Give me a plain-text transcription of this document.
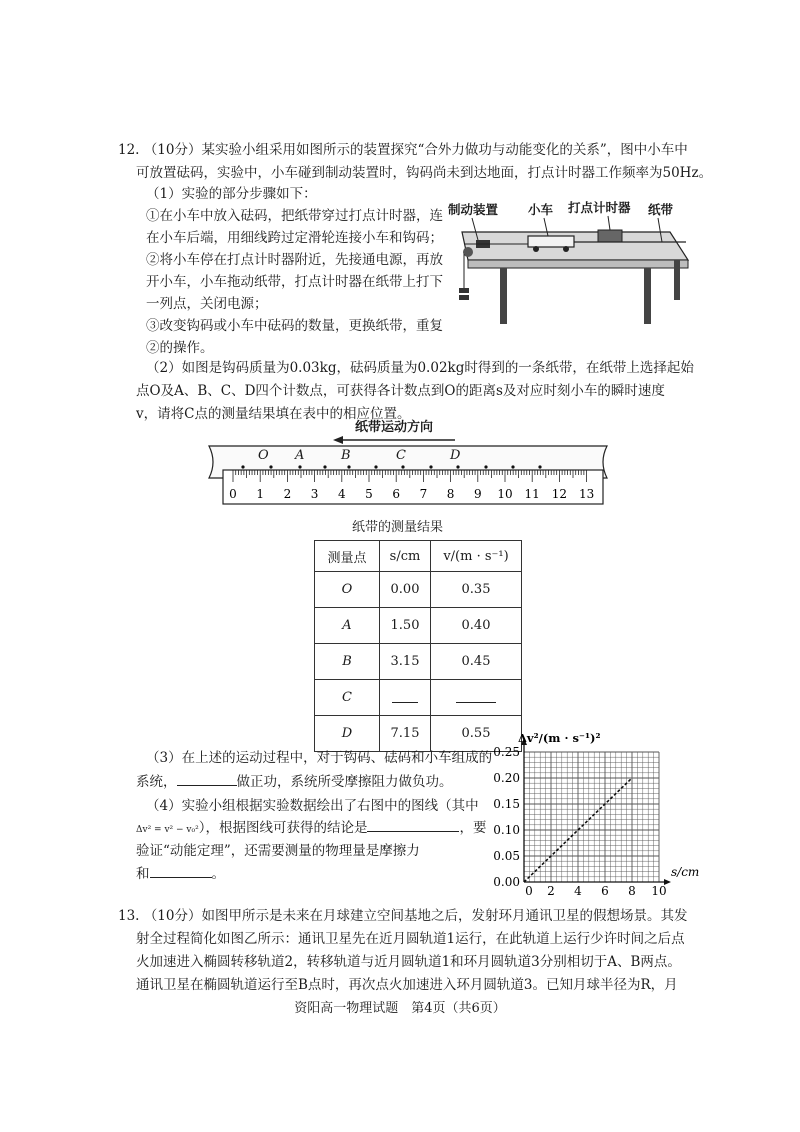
12. （10分）某实验小组采用如图所示的装置探究“合外力做功与动能变化的关系”，图中小车中
可放置砝码，实验中，小车碰到制动装置时，钩码尚未到达地面，打点计时器工作频率为50Hz。
（1）实验的部分步骤如下：
①在小车中放入砝码，把纸带穿过打点计时器，连
在小车后端，用细线跨过定滑轮连接小车和钩码；
②将小车停在打点计时器附近，先接通电源，再放
开小车，小车拖动纸带，打点计时器在纸带上打下
一列点，关闭电源；
③改变钩码或小车中砝码的数量，更换纸带，重复
②的操作。
制动装置 小车 打点计时器 纸带
（2）如图是钩码质量为0.03kg，砝码质量为0.02kg时得到的一条纸带，在纸带上选择起始
点O及A、B、C、D四个计数点，可获得各计数点到O的距离s及对应时刻小车的瞬时速度
v，请将C点的测量结果填在表中的相应位置。
纸带运动方向
0 1 2 3 4 5 6 7 8 9 10 11 12 13
O A	B	C	D
纸带的测量结果
测量点	s/cm	v/(m · s⁻¹)
O	0.00	0.35
A	1.50	0.40
B	3.15	0.45
C		
D	7.15	0.55
（3）在上述的运动过程中，对于钩码、砝码和小车组成的
系统，	做正功，系统所受摩擦阻力做负功。
（4）实验小组根据实验数据绘出了右图中的图线（其中
Δv² = v² − v₀²），根据图线可获得的结论是	，要
验证“动能定理”，还需要测量的物理量是摩擦力
和	。	0.00
0.05
0.10
0.15
0.20
0.25
2 4 6 8 10
0
Δv²/(m · s⁻¹)²
s/cm
13. （10分）如图甲所示是未来在月球建立空间基地之后，发射环月通讯卫星的假想场景。其发
射全过程简化如图乙所示：通讯卫星先在近月圆轨道1运行，在此轨道上运行少许时间之后点
火加速进入椭圆转移轨道2，转移轨道与近月圆轨道1和环月圆轨道3分别相切于A、B两点。
通讯卫星在椭圆轨道运行至B点时，再次点火加速进入环月圆轨道3。已知月球半径为R，月
资阳高一物理试题　第4页（共6页）
